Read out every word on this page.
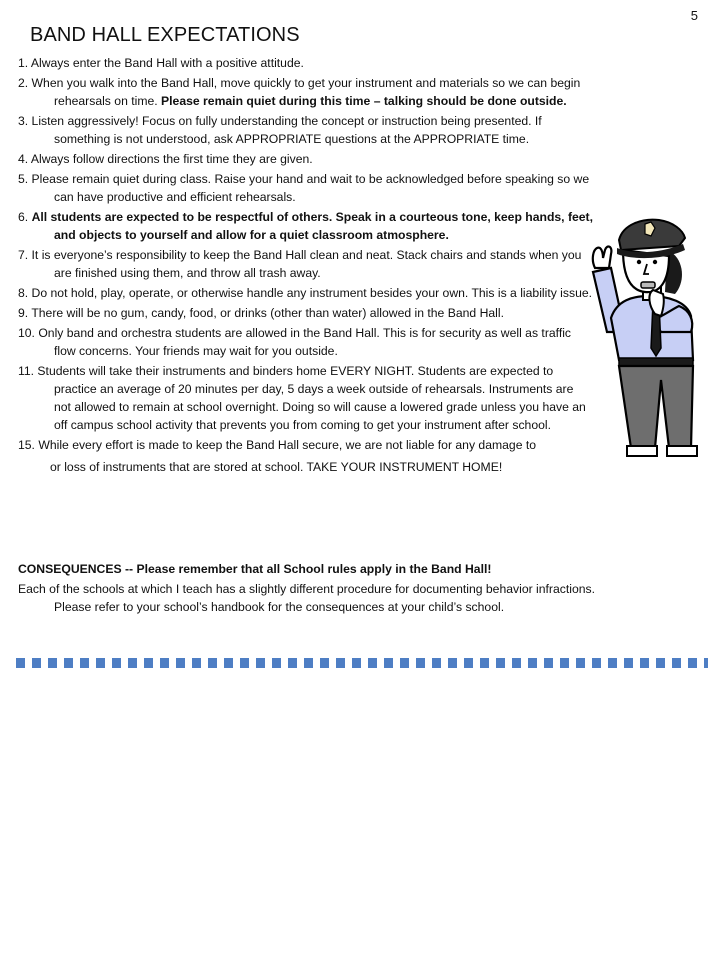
5
BAND HALL EXPECTATIONS
1. Always enter the Band Hall with a positive attitude.
2. When you walk into the Band Hall, move quickly to get your instrument and materials so we can begin rehearsals on time. Please remain quiet during this time – talking should be done outside.
3. Listen aggressively! Focus on fully understanding the concept or instruction being presented. If something is not understood, ask APPROPRIATE questions at the APPROPRIATE time.
4. Always follow directions the first time they are given.
5. Please remain quiet during class. Raise your hand and wait to be acknowledged before speaking so we can have productive and efficient rehearsals.
6. All students are expected to be respectful of others. Speak in a courteous tone, keep hands, feet, and objects to yourself and allow for a quiet classroom atmosphere.
7. It is everyone’s responsibility to keep the Band Hall clean and neat. Stack chairs and stands when you are finished using them, and throw all trash away.
8. Do not hold, play, operate, or otherwise handle any instrument besides your own. This is a liability issue.
9. There will be no gum, candy, food, or drinks (other than water) allowed in the Band Hall.
10. Only band and orchestra students are allowed in the Band Hall. This is for security as well as traffic flow concerns. Your friends may wait for you outside.
11. Students will take their instruments and binders home EVERY NIGHT. Students are expected to practice an average of 20 minutes per day, 5 days a week outside of rehearsals. Instruments are not allowed to remain at school overnight. Doing so will cause a lowered grade unless you have an off campus school activity that prevents you from coming to get your instrument after school.
15. While every effort is made to keep the Band Hall secure, we are not liable for any damage to
or loss of instruments that are stored at school. TAKE YOUR INSTRUMENT HOME!

CONSEQUENCES -- Please remember that all School rules apply in the Band Hall!

Each of the schools at which I teach has a slightly different procedure for documenting behavior infractions. Please refer to your school’s handbook for the consequences at your child’s school.
